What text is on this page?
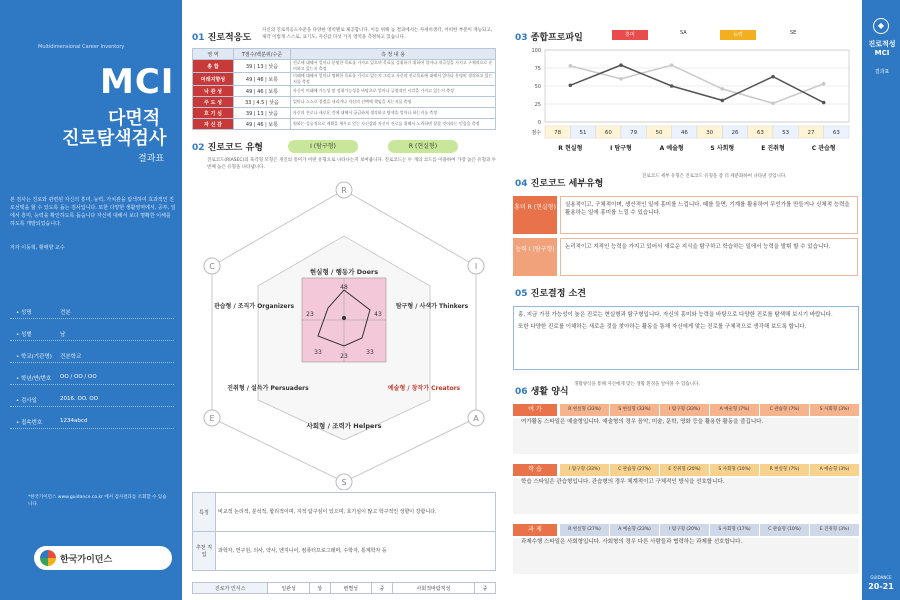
Multidimensional Career Inventory
MCI
다면적
진로탐색검사
결과표
본 검사는 진로와 관련된 자신의 흥미, 능력, 가치관을 탐색하여 효과적인 진로선택을 할 수 있도록 돕는 검사입니다. 또한 다양한 생활영역에서, 공부, 일에서 흥미, 능력을 확인하도록 돕습니다 자신에 대해서 보다 명확한 이해를 하도록 개발되었습니다.
저자 이동혁, 황매향 교수
• 성명	견본
• 성별	남
• 학교(기관명) 견본학교
• 학년/반/번호 OO / OO / OO
• 검사일	2016. OO. OO
• 접속번호	1234abcd
*한국가이던스 www.guidance.co.kr 에서 검사결과를 조회할 수 있습니다.
한국가이던스
◆
진로적성 MCI
결과표
GUIDANCE
20-21
01 진로적응도
자신의 진로적응도수준을 다양한 영역별로 제공합니다. 이를 위해 높 결과에서는 자세히생각, 어떠한 부분이 재능되고, 제각 이렇게 스스로, 표기도, 자신감 다섯 가지 영역을 측정하고 있습니다.
영 역	T점수/백분위/수준	측 정 내 용
총 합	39 | 13 | 낮음	진로에 대해서 얼마나 분명한 목표를 가지고 있으며 목표를 성취하기 위하여 얼마나 적극성을 가지고 구체적으로 준비하고 있는지 측정
미래지향성	49 | 46 | 보통	미래에 대해서 얼마나 명확한 목표를 가지고 있는지 그리고 자신의 진로목표에 대해서 얼마나 분명히 생각하고 있는지를 측정
낙 관 성	49 | 46 | 보통	자신이 미래에 가능성 및 성취가능성을 바탕으로 얼마나 긍정적인 시각을 가지고 있는지 측정
주 도 성	33 | 4.5 | 낮음	얼마나 스스로 결정을 내리거나 자신의 선택에 책임을 지는지를 측정
호 기 심	39 | 13 | 낮음	자신의 진로나 새로운 것에 대해서 궁금하게 생각하고 탐색을 얼마나 하는지를 측정
자 신 감	49 | 46 | 보통	원하는 성공적으로 계획을 세우고 얻는 자신감과 자신이 진로를 위해서 노력하면 잘할 것이라는 믿음을 측정
02 진로코드 유형	I (탐구형)	R (현실형)
진로코드(RIASEC)의 육각형 모형은 개인의 흥미가 어떤 유형으로 나타나는지 보여줍니다. 진로코드는 두 개의 코드를 이용하여 가장 높은 유형과 두 번째 높은 유형을 나타냅니다.
48
43
33
33
23
23
현실형 / 행동가 Doers
탐구형 / 사색가 Thinkers
예술형 / 창작가 Creators
사회형 / 조력가 Helpers
진취형 / 설득가 Persuaders
관습형 / 조직가 Organizers
R
I
A
S
E
C
특징	비교적 논리적, 분석적, 합리적이며, 지적 탐구심이 있으며, 호기심이 많고 학구적인 성향이 강합니다.
추천 직업	과학자, 연구원, 의사, 약사, 엔지니어, 컴퓨터프로그래머, 수학자, 통계학자 등
진로가 인식스	일관성	상	변별성	중	사회적바람직성	중
03 종합프로파일	흥미	SA	능력	SE
100
75
50
25
0
점수 78	51	60	79	50	46	30	26	63	53	27	63
R 현실형	I 탐구형	A 예술형	S 사회형	E 진취형	C 관습형
04 진로코드 세부유형
진로코드 세부 유형은 진로코드 유형을 좀 더 세분화하여 나타낸 것입니다.
흥미 R (현실형)	실용적이고, 구체적이며, 생산적인 일에 흥미를 느낍니다. 때를 들면, 기계를 활용하여 무언가를 만들거나 신체적 능력을 활용하는 일에 흥미를 느낄 수 있습니다.
능력 I (탐구형)	논리적이고 지적인 능력을 가지고 있어서 새로운 지식을 탐구하고 학습하는 일에서 능력을 발휘 할 수 있습니다.
05 진로결정 소견
흥, 지금 가장 가능성이 높은 진로는 현실형과 탐구형입니다. 자신의 흥미와 능력을 바탕으로 다양한 진로를 탐색해 보시기 바랍니다.
또한 다양한 진로를 이해하는 새로운 것을 찾아하는 활동을 통해 자신에게 맞는 진로를 구체적으로 생각해 보도록 합니다.
06 생활 양식
생활양식을 통해 자신에게 맞는 생활 환경을 알아볼 수 있습니다.
여 가	R 현실형 (33%)	S 현실형 (33%)	I 탐구형 (33%)	A 예술형 (7%)	C 관습형 (7%)	S 사회형 (3%)
여가활동 스타일은 예술형입니다. 예술형의 경우 음악, 미술, 문학, 영화 등을 활용한 활동을 즐깁니다.
학 습	I 탐구형 (33%)	C 관습형 (27%)	E 진취형 (20%)	S 사회형 (10%)	R 현실형 (7%)	A 예술형 (3%)
학습 스타일은 관습형입니다. 관습형의 경우 체계적이고 구체적인 방식을 선호합니다.
과 제	R 현실형 (27%)	A 예술형 (23%)	I 탐구형 (20%)	S 사회형 (17%)	C 관습형 (10%)	E 진취형 (3%)
과제수행 스타일은 사회형입니다. 사회형의 경우 다른 사람들과 협력하는 과제를 선호합니다.
